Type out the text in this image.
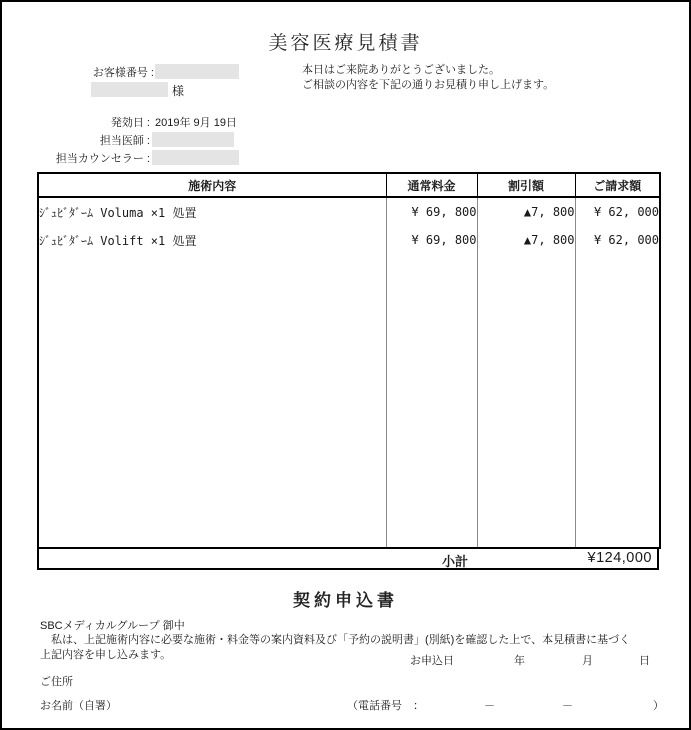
美容医療見積書
お客様番号 :
様
本日はご来院ありがとうございました。
ご相談の内容を下記の通りお見積り申し上げます。
発効日 : 2019年 9月 19日
担当医師 :
担当カウンセラー :
施術内容	通常料金	割引額	ご請求額
ｼﾞｭﾋﾞﾀﾞｰﾑ Voluma ×1 処置	¥ 69, 800	▲7, 800	¥ 62, 000
ｼﾞｭﾋﾞﾀﾞｰﾑ Volift ×1 処置	¥ 69, 800	▲7, 800	¥ 62, 000

小計	¥124,000
契約申込書
SBCメディカルグループ 御中
　私は、上記施術内容に必要な施術・料金等の案内資料及び「予約の説明書」(別紙)を確認した上で、本見積書に基づく
上記内容を申し込みます。	お申込日	年	月	日
ご住所
お名前（自署）	（電話番号　：	－	－	）
